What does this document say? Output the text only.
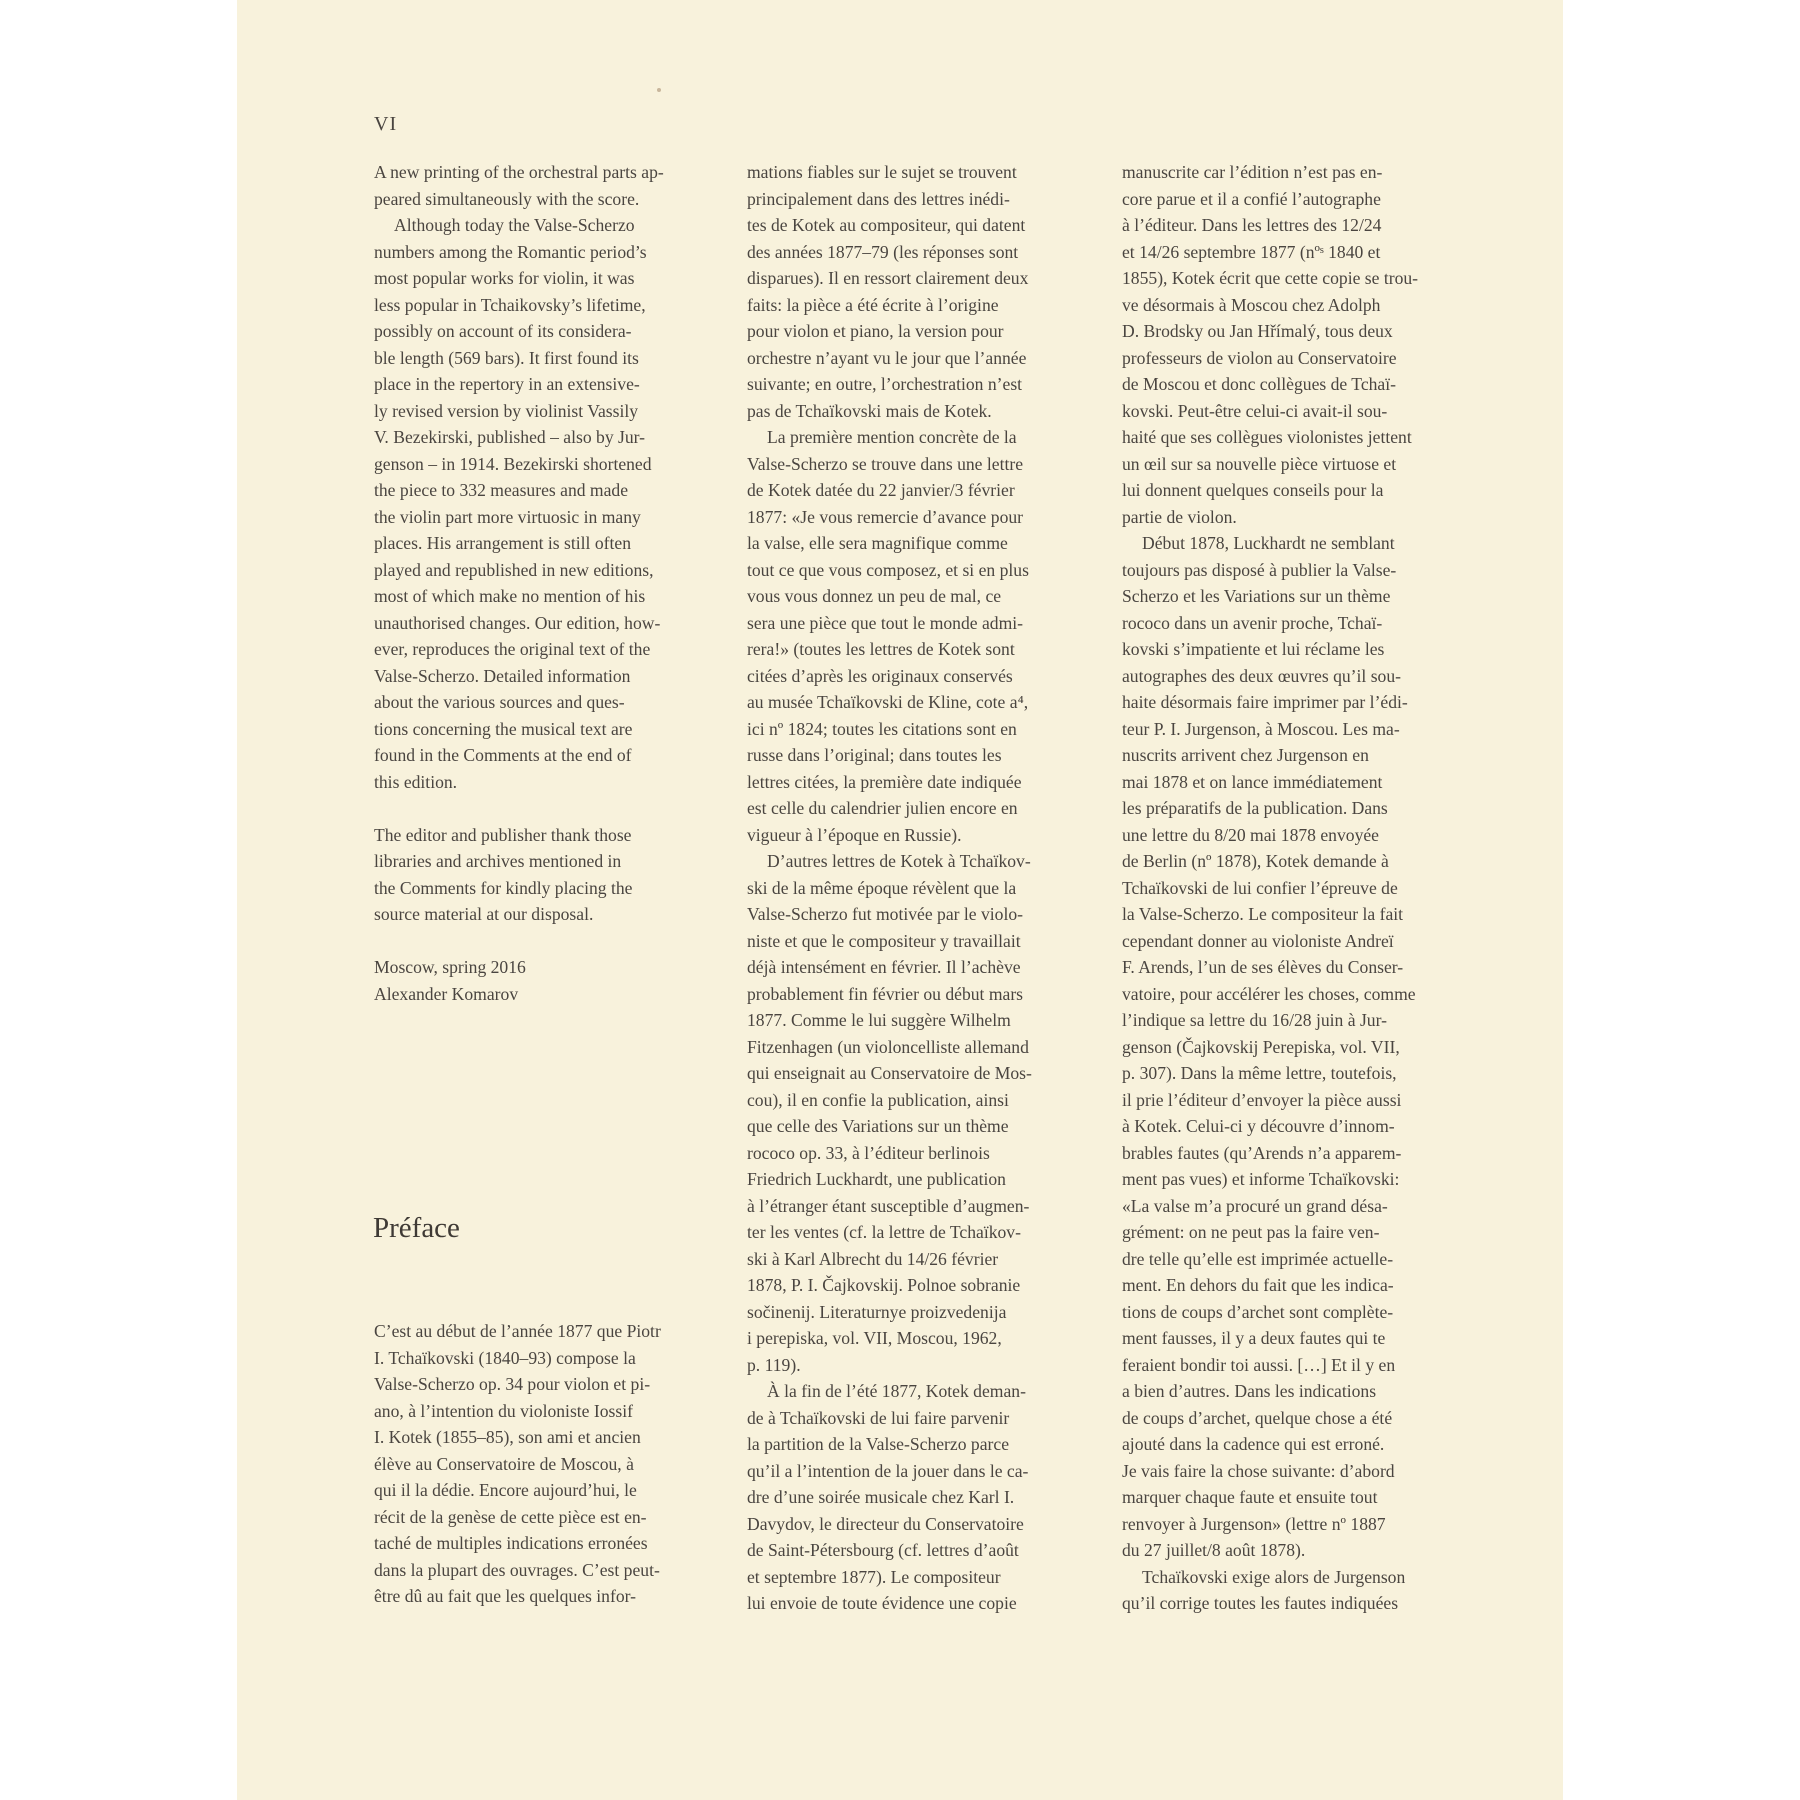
VI
A new printing of the orchestral parts ap-
peared simultaneously with the score.
Although today the Valse-Scherzo
numbers among the Romantic period’s
most popular works for violin, it was
less popular in Tchaikovsky’s lifetime,
possibly on account of its considera-
ble length (569 bars). It first found its
place in the repertory in an extensive-
ly revised version by violinist Vassily
V. Bezekirski, published – also by Jur-
genson – in 1914. Bezekirski shortened
the piece to 332 measures and made
the violin part more virtuosic in many
places. His arrangement is still often
played and republished in new editions,
most of which make no mention of his
unauthorised changes. Our edition, how-
ever, reproduces the original text of the
Valse-Scherzo. Detailed information
about the various sources and ques-
tions concerning the musical text are
found in the Comments at the end of
this edition.
The editor and publisher thank those
libraries and archives mentioned in
the Comments for kindly placing the
source material at our disposal.
Moscow, spring 2016
Alexander Komarov
Préface
C’est au début de l’année 1877 que Piotr
I. Tchaïkovski (1840–93) compose la
Valse-Scherzo op. 34 pour violon et pi-
ano, à l’intention du violoniste Iossif
I. Kotek (1855–85), son ami et ancien
élève au Conservatoire de Moscou, à
qui il la dédie. Encore aujourd’hui, le
récit de la genèse de cette pièce est en-
taché de multiples indications erronées
dans la plupart des ouvrages. C’est peut-
être dû au fait que les quelques infor-
mations fiables sur le sujet se trouvent
principalement dans des lettres inédi-
tes de Kotek au compositeur, qui datent
des années 1877–79 (les réponses sont
disparues). Il en ressort clairement deux
faits: la pièce a été écrite à l’origine
pour violon et piano, la version pour
orchestre n’ayant vu le jour que l’année
suivante; en outre, l’orchestration n’est
pas de Tchaïkovski mais de Kotek.
La première mention concrète de la
Valse-Scherzo se trouve dans une lettre
de Kotek datée du 22 janvier/3 février
1877: «Je vous remercie d’avance pour
la valse, elle sera magnifique comme
tout ce que vous composez, et si en plus
vous vous donnez un peu de mal, ce
sera une pièce que tout le monde admi-
rera!» (toutes les lettres de Kotek sont
citées d’après les originaux conservés
au musée Tchaïkovski de Kline, cote a⁴,
ici nº 1824; toutes les citations sont en
russe dans l’original; dans toutes les
lettres citées, la première date indiquée
est celle du calendrier julien encore en
vigueur à l’époque en Russie).
D’autres lettres de Kotek à Tchaïkov-
ski de la même époque révèlent que la
Valse-Scherzo fut motivée par le violo-
niste et que le compositeur y travaillait
déjà intensément en février. Il l’achève
probablement fin février ou début mars
1877. Comme le lui suggère Wilhelm
Fitzenhagen (un violoncelliste allemand
qui enseignait au Conservatoire de Mos-
cou), il en confie la publication, ainsi
que celle des Variations sur un thème
rococo op. 33, à l’éditeur berlinois
Friedrich Luckhardt, une publication
à l’étranger étant susceptible d’augmen-
ter les ventes (cf. la lettre de Tchaïkov-
ski à Karl Albrecht du 14/26 février
1878, P. I. Čajkovskij. Polnoe sobranie
sočinenij. Literaturnye proizvedenija
i perepiska, vol. VII, Moscou, 1962,
p. 119).
À la fin de l’été 1877, Kotek deman-
de à Tchaïkovski de lui faire parvenir
la partition de la Valse-Scherzo parce
qu’il a l’intention de la jouer dans le ca-
dre d’une soirée musicale chez Karl I.
Davydov, le directeur du Conservatoire
de Saint-Pétersbourg (cf. lettres d’août
et septembre 1877). Le compositeur
lui envoie de toute évidence une copie
manuscrite car l’édition n’est pas en-
core parue et il a confié l’autographe
à l’éditeur. Dans les lettres des 12/24
et 14/26 septembre 1877 (nºˢ 1840 et
1855), Kotek écrit que cette copie se trou-
ve désormais à Moscou chez Adolph
D. Brodsky ou Jan Hřímalý, tous deux
professeurs de violon au Conservatoire
de Moscou et donc collègues de Tchaï-
kovski. Peut-être celui-ci avait-il sou-
haité que ses collègues violonistes jettent
un œil sur sa nouvelle pièce virtuose et
lui donnent quelques conseils pour la
partie de violon.
Début 1878, Luckhardt ne semblant
toujours pas disposé à publier la Valse-
Scherzo et les Variations sur un thème
rococo dans un avenir proche, Tchaï-
kovski s’impatiente et lui réclame les
autographes des deux œuvres qu’il sou-
haite désormais faire imprimer par l’édi-
teur P. I. Jurgenson, à Moscou. Les ma-
nuscrits arrivent chez Jurgenson en
mai 1878 et on lance immédiatement
les préparatifs de la publication. Dans
une lettre du 8/20 mai 1878 envoyée
de Berlin (nº 1878), Kotek demande à
Tchaïkovski de lui confier l’épreuve de
la Valse-Scherzo. Le compositeur la fait
cependant donner au violoniste Andreï
F. Arends, l’un de ses élèves du Conser-
vatoire, pour accélérer les choses, comme
l’indique sa lettre du 16/28 juin à Jur-
genson (Čajkovskij Perepiska, vol. VII,
p. 307). Dans la même lettre, toutefois,
il prie l’éditeur d’envoyer la pièce aussi
à Kotek. Celui-ci y découvre d’innom-
brables fautes (qu’Arends n’a apparem-
ment pas vues) et informe Tchaïkovski:
«La valse m’a procuré un grand désa-
grément: on ne peut pas la faire ven-
dre telle qu’elle est imprimée actuelle-
ment. En dehors du fait que les indica-
tions de coups d’archet sont complète-
ment fausses, il y a deux fautes qui te
feraient bondir toi aussi. […] Et il y en
a bien d’autres. Dans les indications
de coups d’archet, quelque chose a été
ajouté dans la cadence qui est erroné.
Je vais faire la chose suivante: d’abord
marquer chaque faute et ensuite tout
renvoyer à Jurgenson» (lettre nº 1887
du 27 juillet/8 août 1878).
Tchaïkovski exige alors de Jurgenson
qu’il corrige toutes les fautes indiquées
